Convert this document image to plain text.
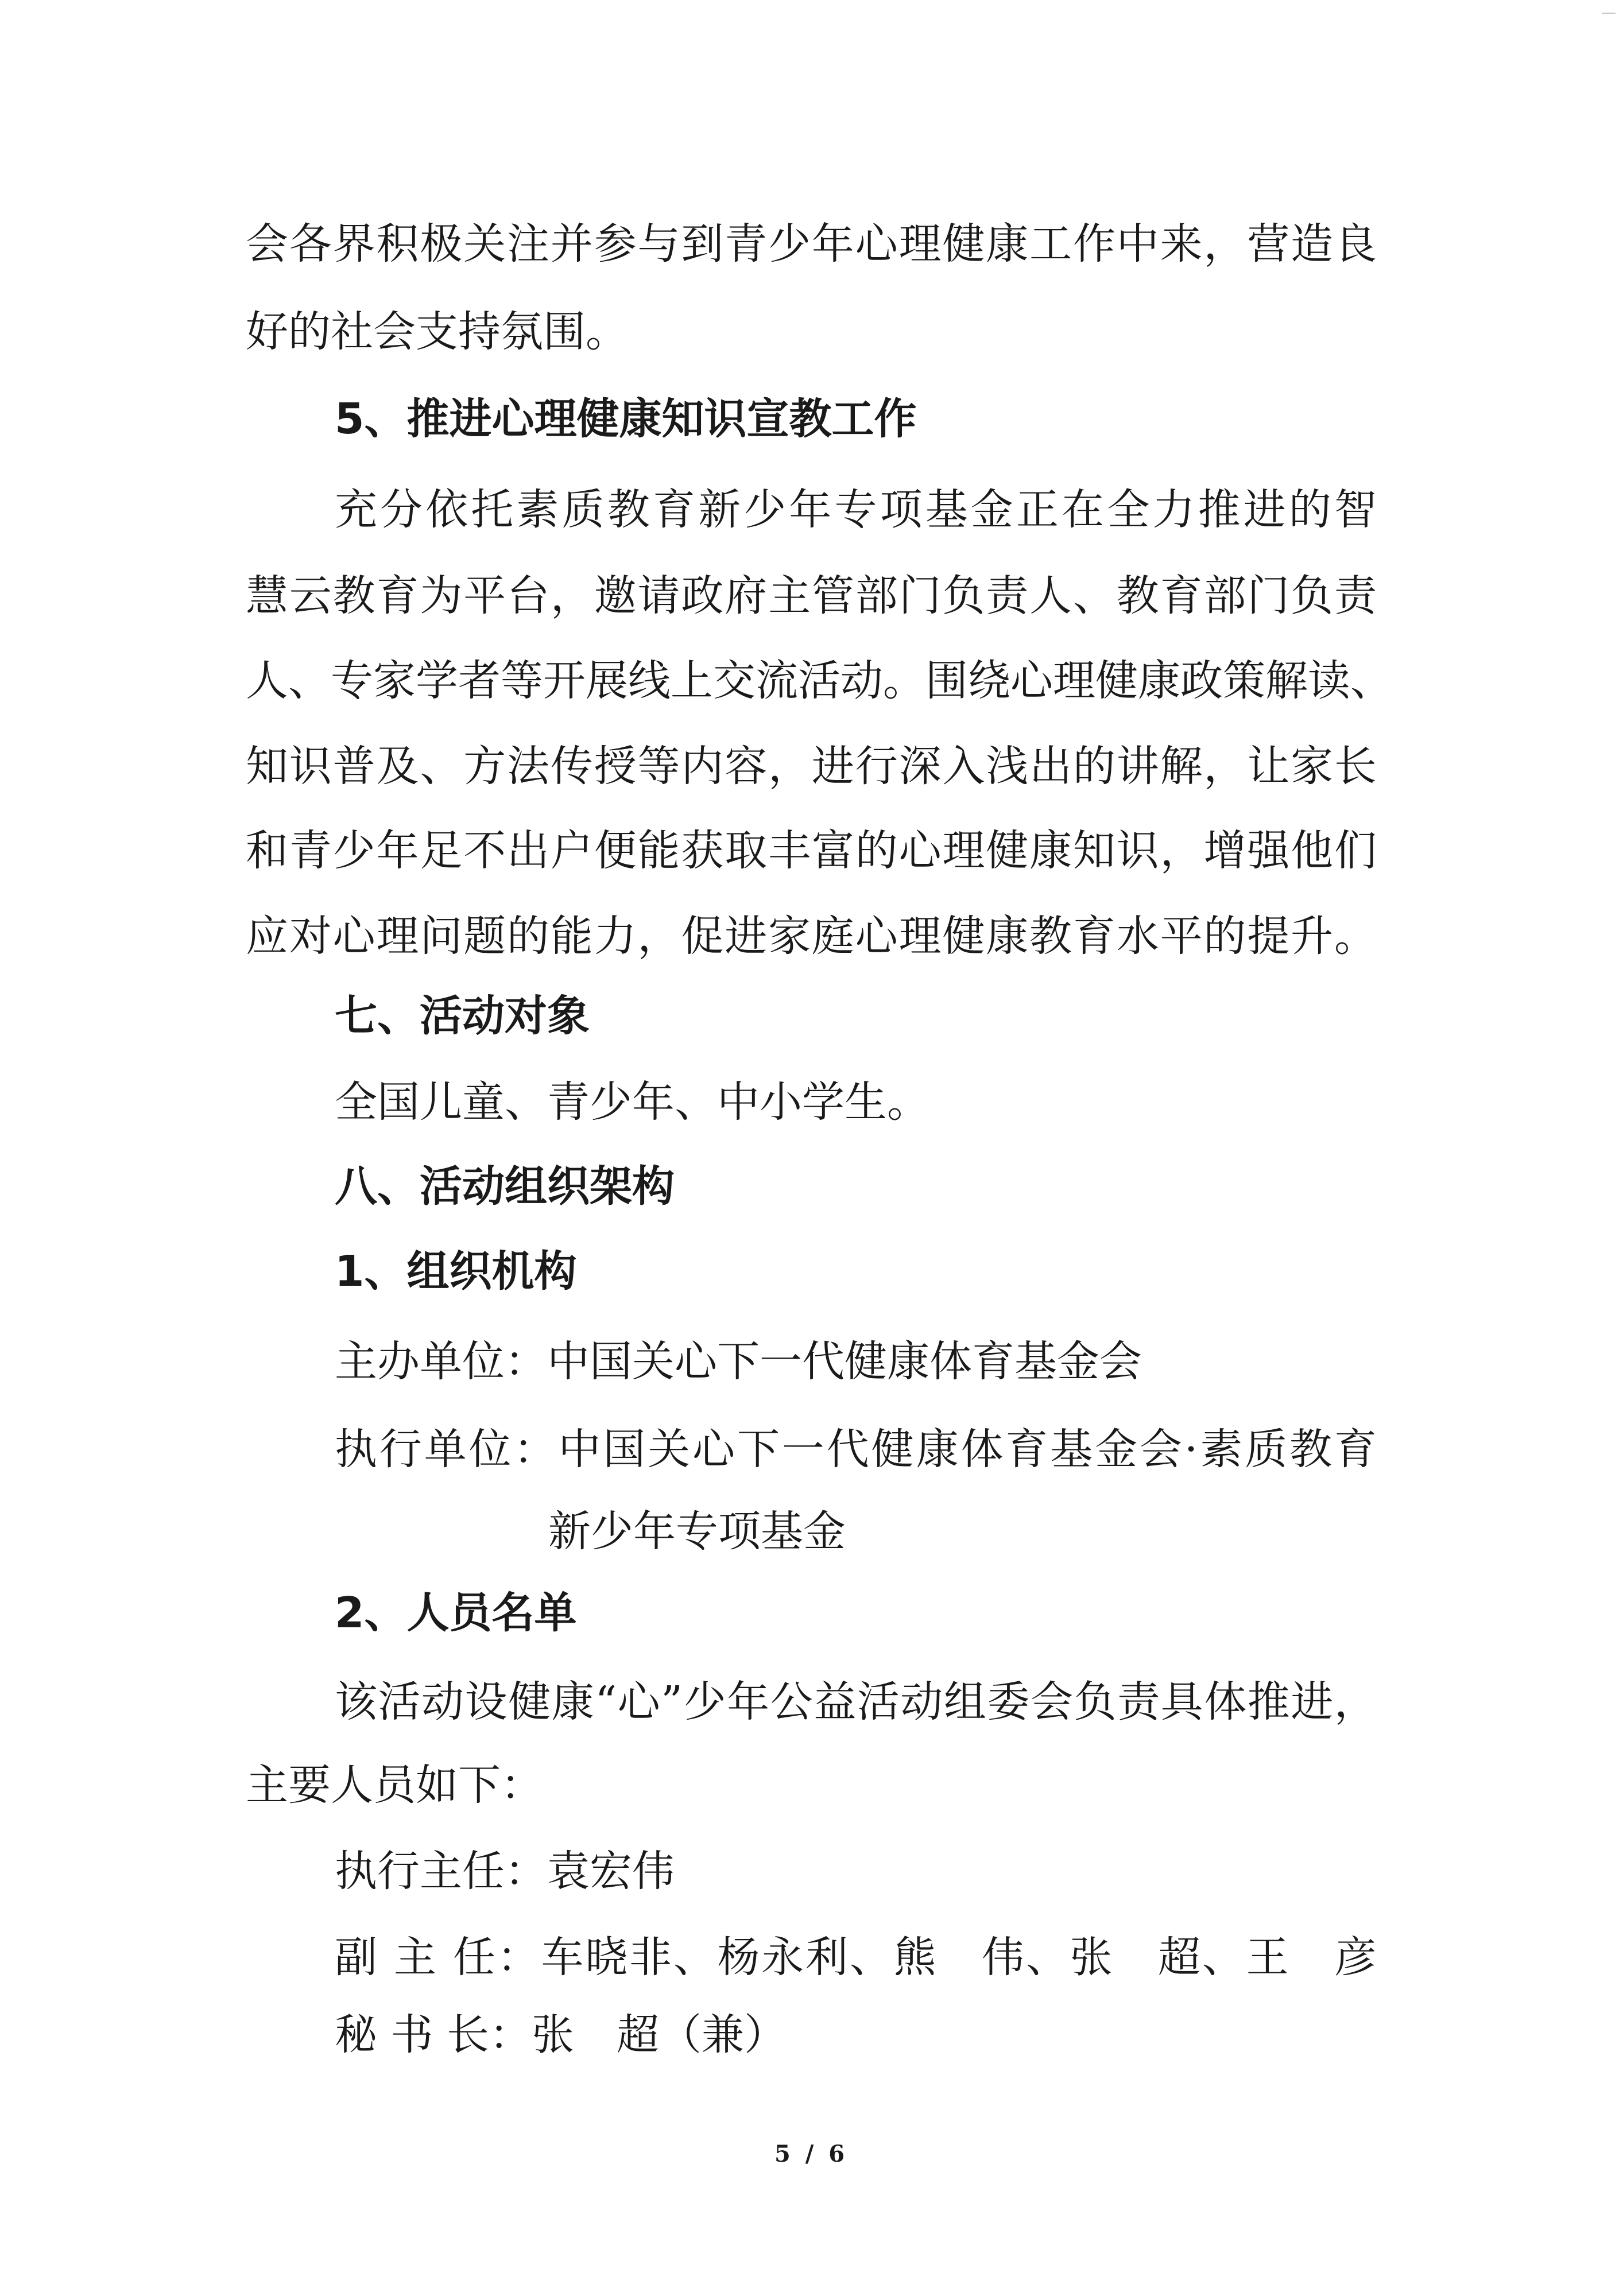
会各界积极关注并参与到青少年心理健康工作中来，营造良

好的社会支持氛围。

5、推进心理健康知识宣教工作

充分依托素质教育新少年专项基金正在全力推进的智

慧云教育为平台，邀请政府主管部门负责人、教育部门负责

人、专家学者等开展线上交流活动。围绕心理健康政策解读、

知识普及、方法传授等内容，进行深入浅出的讲解，让家长

和青少年足不出户便能获取丰富的心理健康知识，增强他们

应对心理问题的能力，促进家庭心理健康教育水平的提升。

七、活动对象

全国儿童、青少年、中小学生。

八、活动组织架构

1、组织机构

主办单位：中国关心下一代健康体育基金会

执行单位：中国关心下一代健康体育基金会·素质教育

新少年专项基金

2、人员名单

该活动设健康“心”少年公益活动组委会负责具体推进，

主要人员如下：

执行主任：袁宏伟

副 主 任：车晓非、杨永利、熊　伟、张　超、王　彦

秘 书 长：张　超（兼）

5 / 6
